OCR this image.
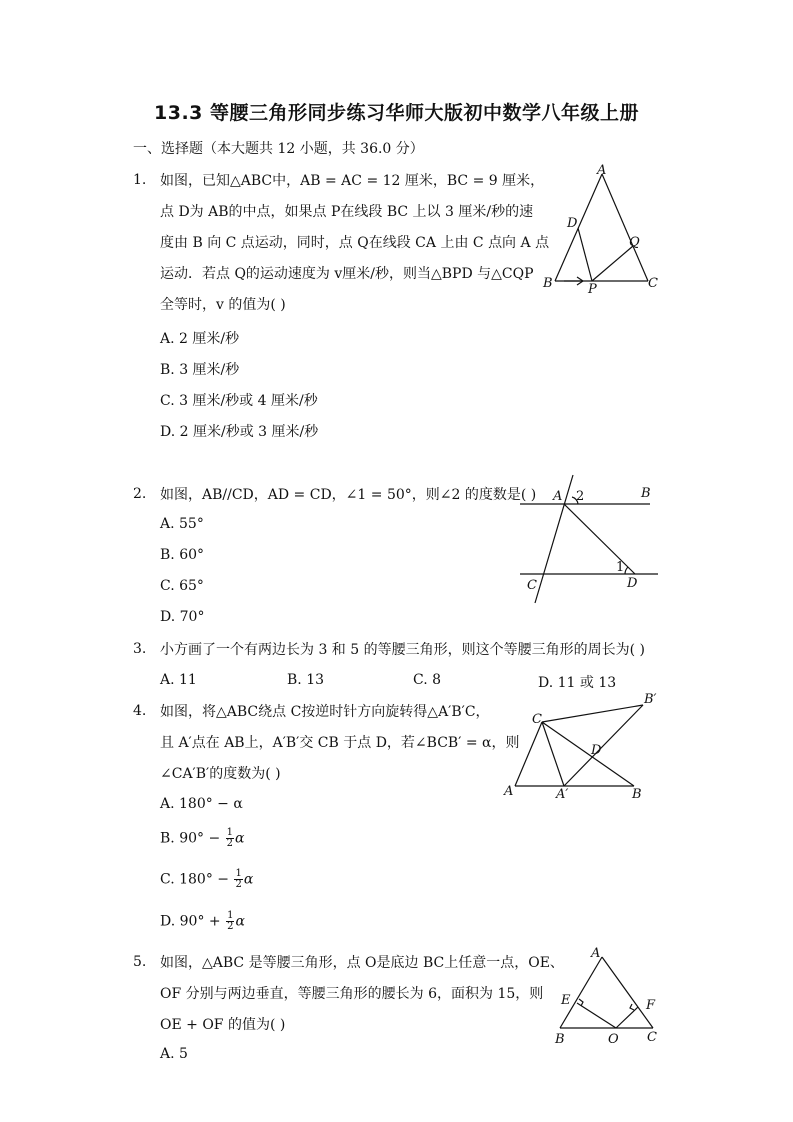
13.3 等腰三角形同步练习华师大版初中数学八年级上册
一、选择题（本大题共 12 小题，共 36.0 分）
1. 如图，已知△ABC中，AB = AC = 12 厘米，BC = 9 厘米，
点 D为 AB的中点，如果点 P在线段 BC 上以 3 厘米/秒的速
度由 B 向 C 点运动，同时，点 Q在线段 CA 上由 C 点向 A 点
运动．若点 Q的运动速度为 v厘米/秒，则当△BPD 与△CQP
全等时，v 的值为( )
A. 2 厘米/秒
B. 3 厘米/秒
C. 3 厘米/秒或 4 厘米/秒
D. 2 厘米/秒或 3 厘米/秒
A
D
Q
B	P	C
2. 如图，AB//CD，AD = CD，∠1 = 50°，则∠2 的度数是( )
A. 55°
B. 60°
C. 65°
D. 70°
A 2	B
1
C	D
3. 小方画了一个有两边长为 3 和 5 的等腰三角形，则这个等腰三角形的周长为( )
A. 11	B. 13	C. 8	D. 11 或 13
4. 如图，将△ABC绕点 C按逆时针方向旋转得△A′B′C，
且 A′点在 AB上，A′B′交 CB 于点 D，若∠BCB′ = α，则
∠CA′B′的度数为( )
A. 180° − α
B. $90^\circ - \frac{1}{2}$ α
C. $180^\circ - \frac{1}{2}$ α
D. $90^\circ + \frac{1}{2}$ α
C
B′
D
A	A′	B
5. 如图，△ABC 是等腰三角形，点 O是底边 BC上任意一点，OE、
OF 分别与两边垂直，等腰三角形的腰长为 6，面积为 15，则
OE + OF 的值为( )
A. 5
A
E	F
B	O C
